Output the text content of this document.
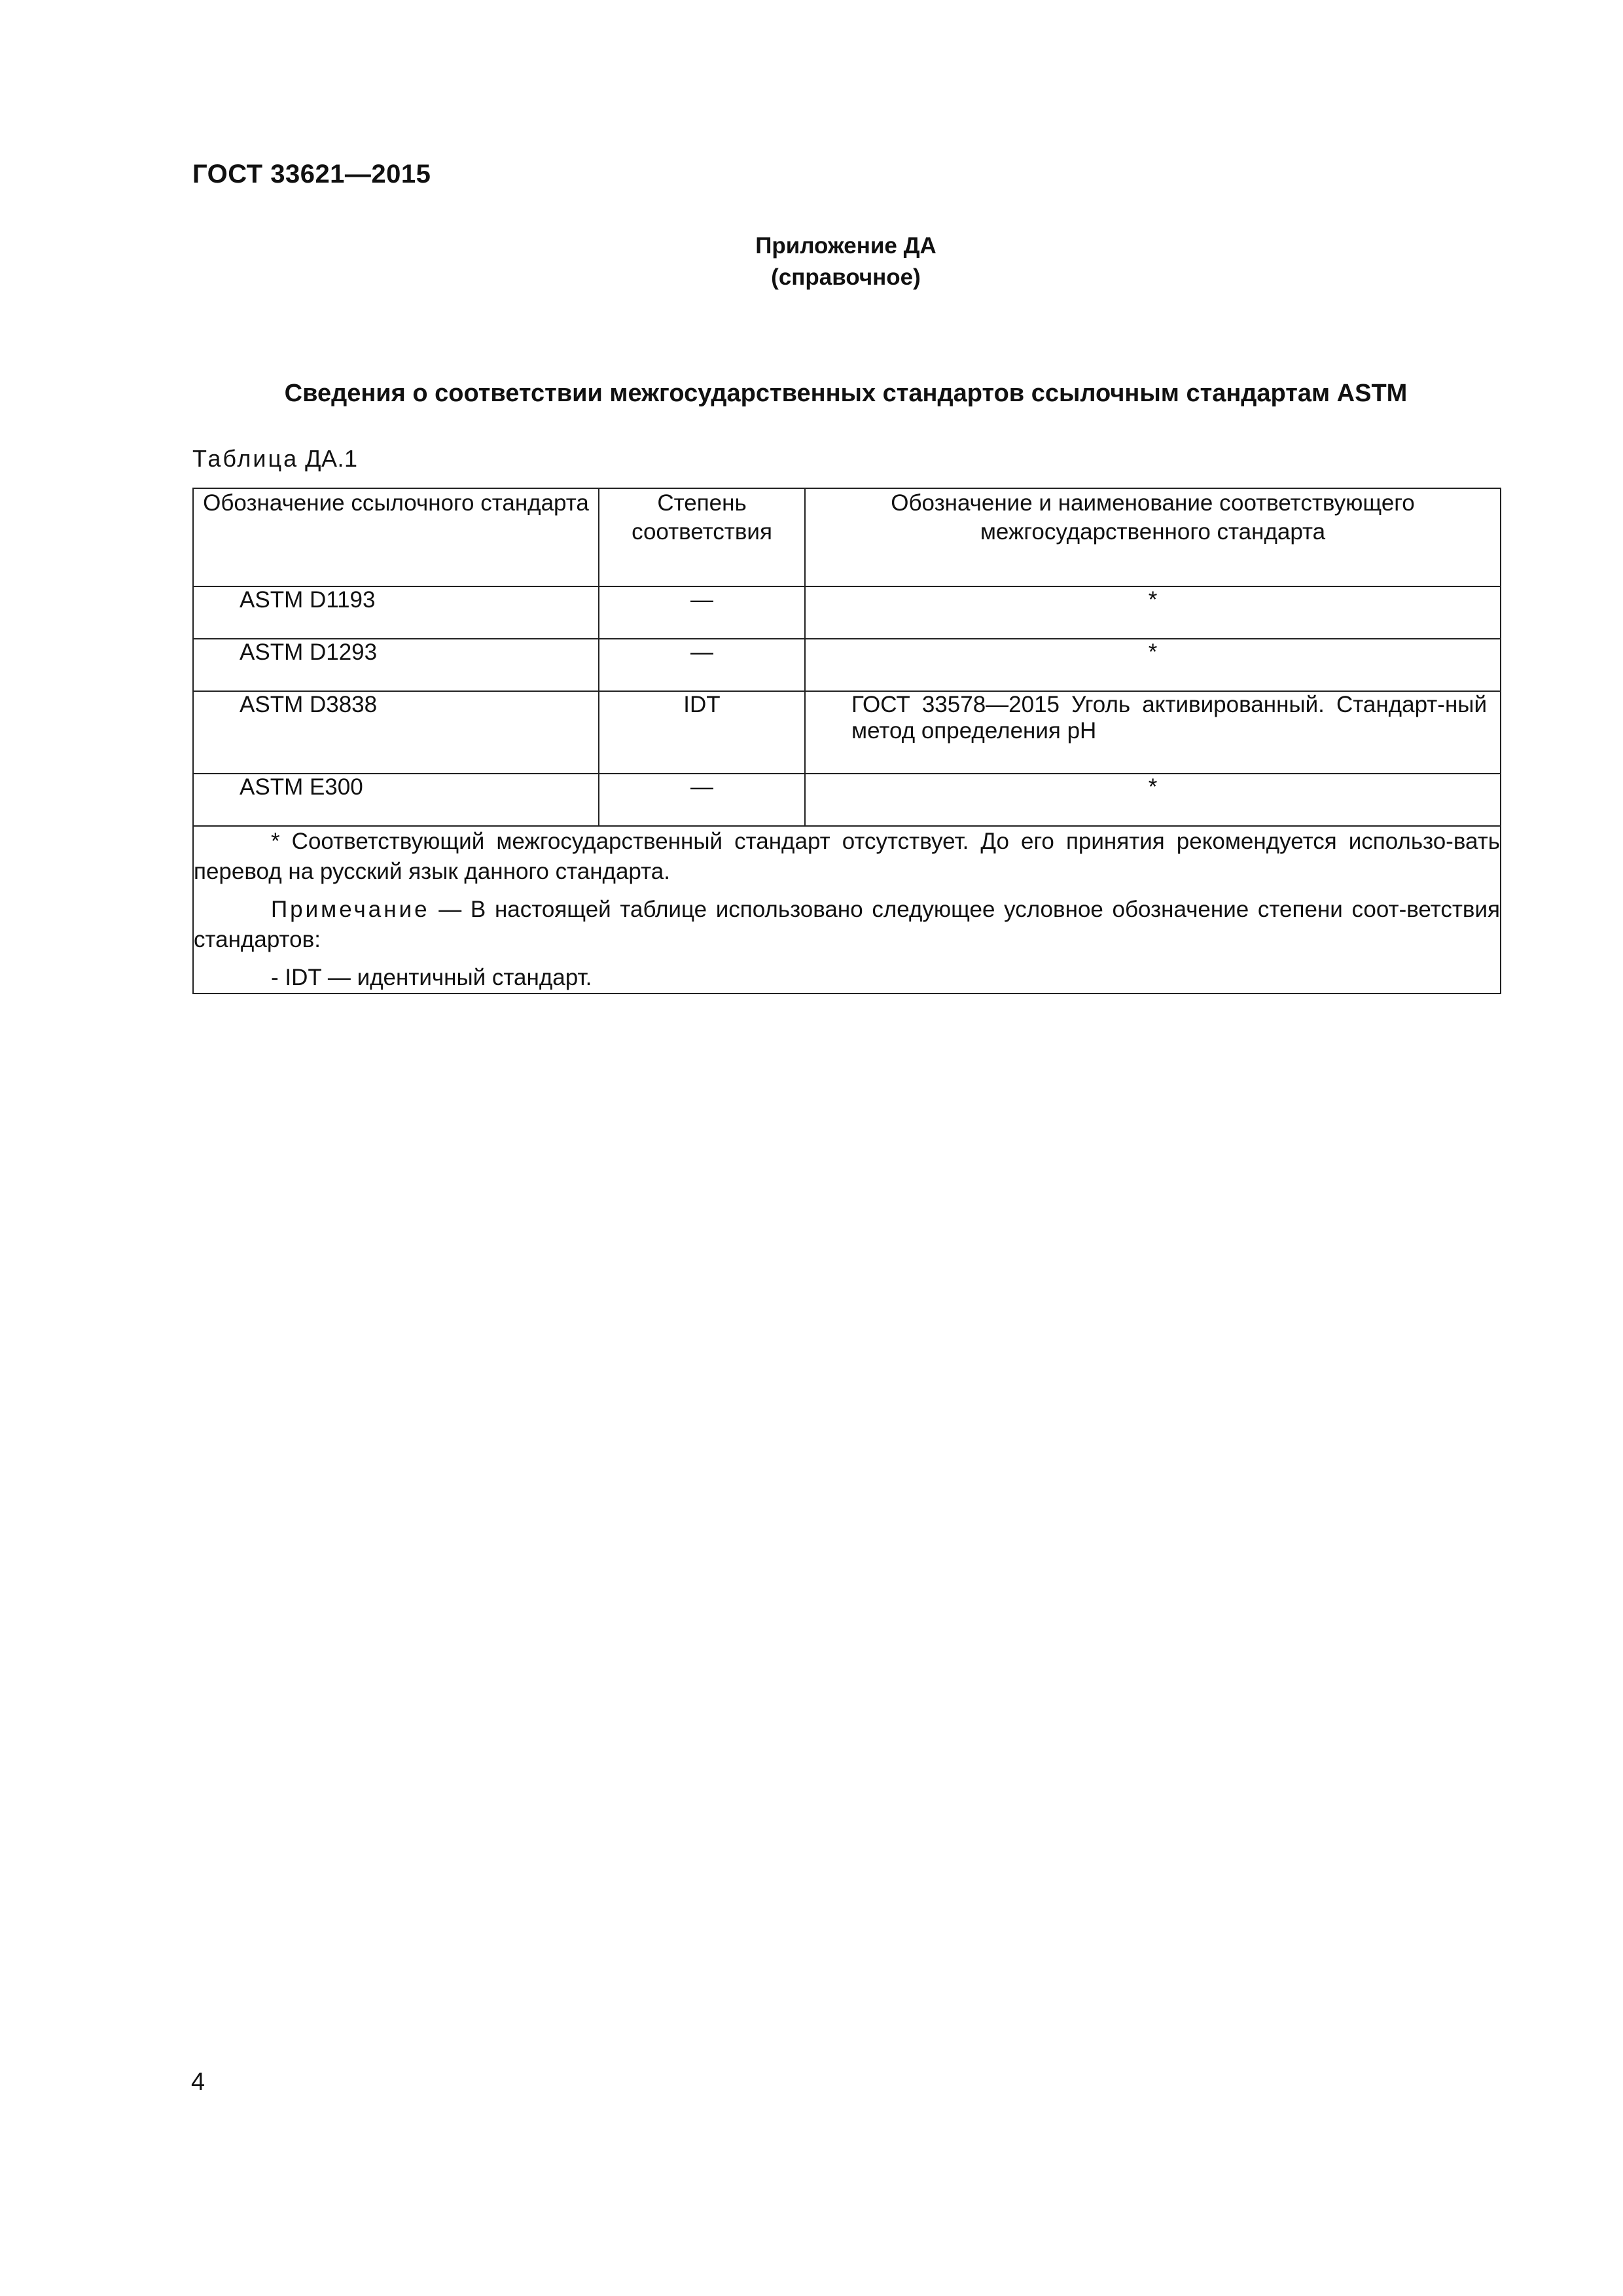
ГОСТ 33621—2015
Приложение ДА
(справочное)
Сведения о соответствии межгосударственных стандартов ссылочным стандартам ASTM
Таблица ДА.1
Обозначение ссылочного стандарта	Степень соответствия	Обозначение и наименование соответствующего межгосударственного стандарта
ASTM D1193	—	*
ASTM D1293	—	*
ASTM D3838	IDT	ГОСТ 33578—2015 Уголь активированный. Стандарт-ный метод определения pH

ASTM E300	—	*

* Соответствующий межгосударственный стандарт отсутствует. До его принятия рекомендуется использо-вать перевод на русский язык данного стандарта.

Примечание — В настоящей таблице использовано следующее условное обозначение степени соот-ветствия стандартов:

- IDT — идентичный стандарт.		

4
